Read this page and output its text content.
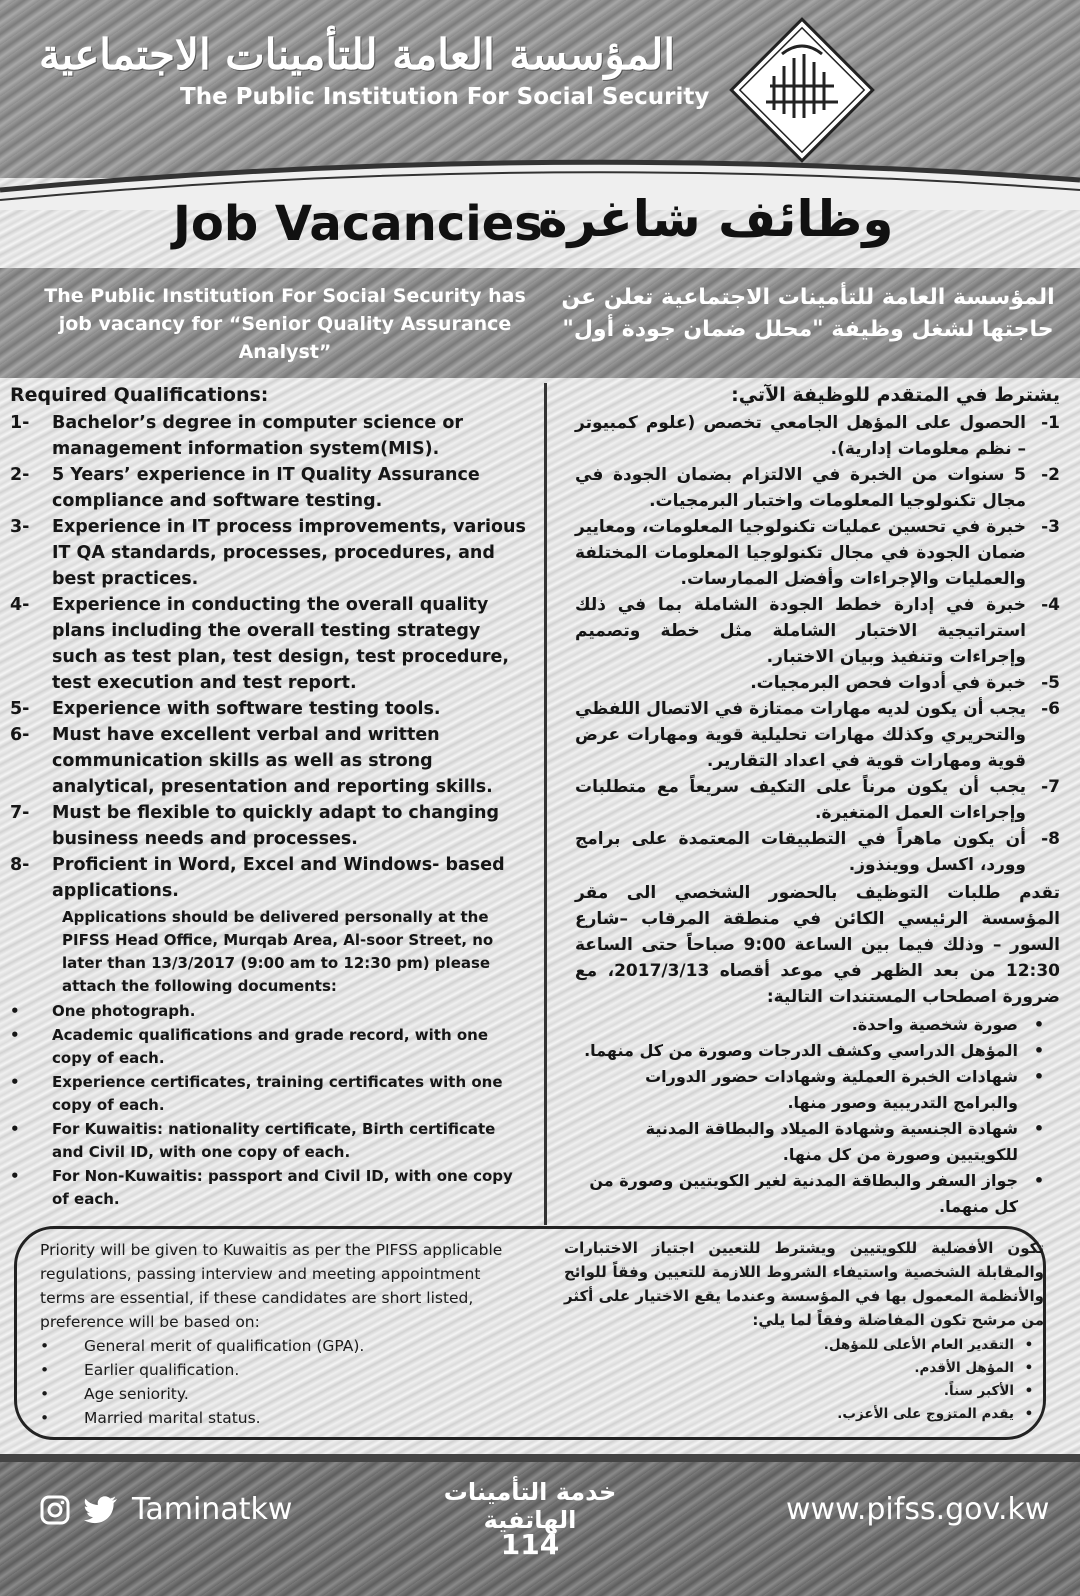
المؤسسة العامة للتأمينات الاجتماعية
The Public Institution For Social Security
Job Vacancies
وظائف شاغرة
The Public Institution For Social Security has job vacancy for “Senior Quality Assurance Analyst”
المؤسسة العامة للتأمينات الاجتماعية تعلن عن حاجتها لشغل وظيفة "محلل ضمان جودة أول"
Required Qualifications:
1-	Bachelor’s degree in computer science or management information system(MIS).
2-	5 Years’ experience in IT Quality Assurance compliance and software testing.
3-	Experience in IT process improvements, various IT QA standards, processes, procedures, and best practices.
4-	Experience in conducting the overall quality plans including the overall testing strategy such as test plan, test design, test procedure, test execution and test report.
5-	Experience with software testing tools.
6-	Must have excellent verbal and written communication skills as well as strong analytical, presentation and reporting skills.
7-	Must be flexible to quickly adapt to changing business needs and processes.
8-	Proficient in Word, Excel and Windows- based applications.
Applications should be delivered personally at the PIFSS Head Office, Murqab Area, Al-soor Street, no later than 13/3/2017 (9:00 am to 12:30 pm) please attach the following documents:
•	One photograph.
•	Academic qualifications and grade record, with one copy of each.
•	Experience certificates, training certificates with one copy of each.
•	For Kuwaitis: nationality certificate, Birth certificate and Civil ID, with one copy of each.
•	For Non-Kuwaitis: passport and Civil ID, with one copy of each.
يشترط في المتقدم للوظيفة الآتي:
1-
الحصول على المؤهل الجامعي تخصص (علوم كمبيوتر – نظم معلومات إدارية).
2-
5 سنوات من الخبرة في الالتزام بضمان الجودة في مجال تكنولوجيا المعلومات واختبار البرمجيات.
3-
خبرة في تحسين عمليات تكنولوجيا المعلومات، ومعايير ضمان الجودة في مجال تكنولوجيا المعلومات المختلفة والعمليات والإجراءات وأفضل الممارسات.
4-
خبرة في إدارة خطط الجودة الشاملة بما في ذلك استراتيجية الاختبار الشاملة مثل خطة وتصميم وإجراءات وتنفيذ وبيان الاختبار.
5-
خبرة في أدوات فحص البرمجيات.
6-
يجب أن يكون لديه مهارات ممتازة في الاتصال اللفظي والتحريري وكذلك مهارات تحليلية قوية ومهارات عرض قوية ومهارات قوية في اعداد التقارير.
7-
يجب أن يكون مرناً على التكيف سريعاً مع متطلبات وإجراءات العمل المتغيرة.
8-
أن يكون ماهراً في التطبيقات المعتمدة على برامج وورد، اكسل ووينذوز.
تقدم طلبات التوظيف بالحضور الشخصي الى مقر المؤسسة الرئيسي الكائن في منطقة المرقاب –شارع السور – وذلك فيما بين الساعة 9:00 صباحاً حتى الساعة 12:30 من بعد الظهر في موعد أقصاه 2017/3/13، مع ضرورة اصطحاب المستندات التالية:
•
صورة شخصية واحدة.
•
المؤهل الدراسي وكشف الدرجات وصورة من كل منهما.
•
شهادات الخبرة العملية وشهادات حضور الدورات والبرامج التدريبية وصور منها.
•
شهادة الجنسية وشهادة الميلاد والبطاقة المدنية للكويتيين وصورة من كل منها.
•
جواز السفر والبطاقة المدنية لغير الكويتيين وصورة من كل منهما.
Priority will be given to Kuwaitis as per the PIFSS applicable regulations, passing interview and meeting appointment terms are essential, if these candidates are short listed, preference will be based on:
•	General merit of qualification (GPA).
•	Earlier qualification.
•	Age seniority.
•	Married marital status.
تكون الأفضلية للكويتيين ويشترط للتعيين اجتياز الاختبارات والمقابلة الشخصية واستيفاء الشروط اللازمة للتعيين وفقاً للوائح والأنظمة المعمول بها في المؤسسة وعندما يقع الاختيار على أكثر من مرشح تكون المفاضلة وفقاً لما يلي:
•
التقدير العام الأعلى للمؤهل.
•
المؤهل الأقدم.
•
الأكبر سناً.
•
يقدم المتزوج على الأعزب.
Taminatkw	خدمة التأمينات الهاتفية
114
www.pifss.gov.kw
